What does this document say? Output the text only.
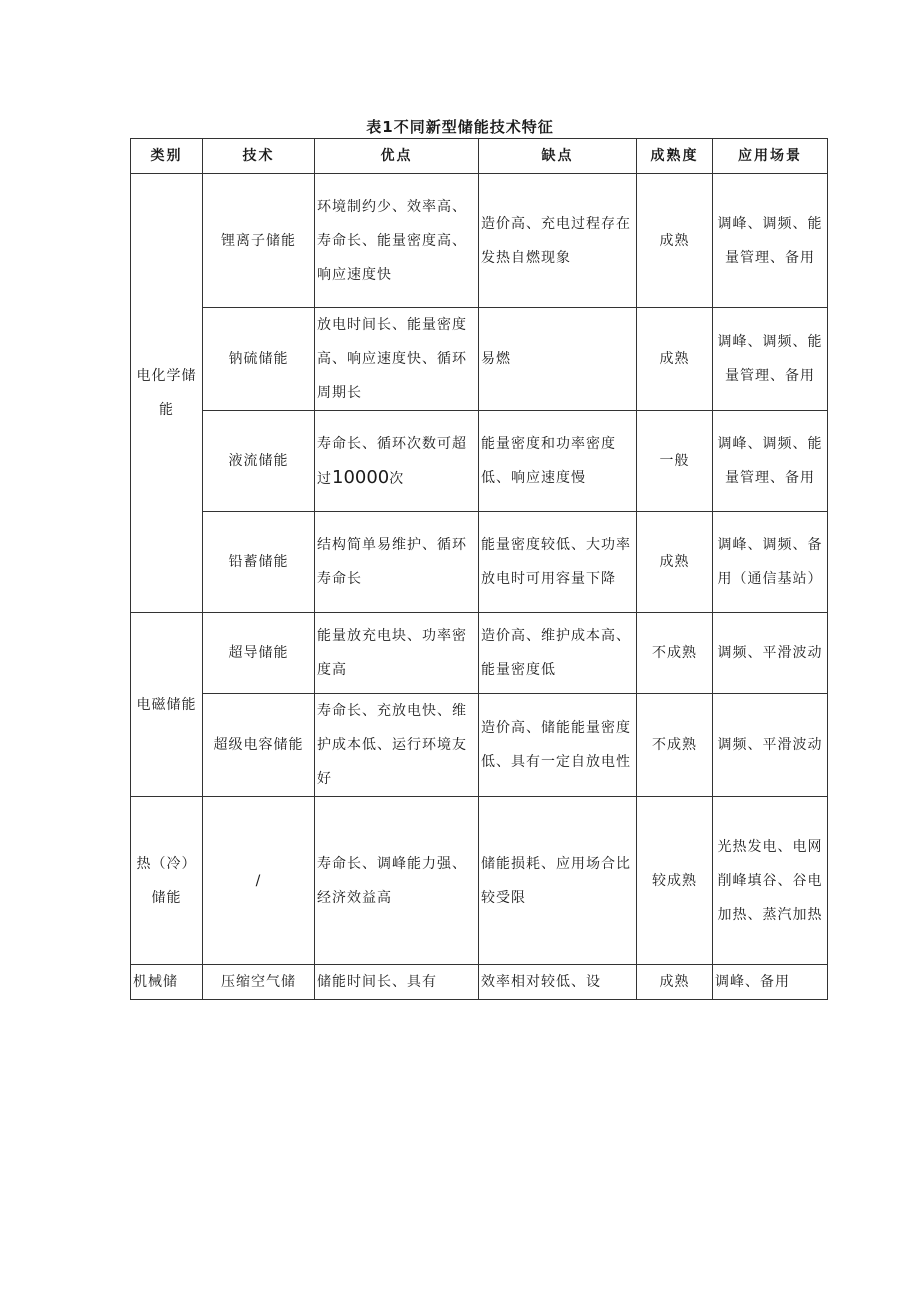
表1不同新型储能技术特征
类别	技术	优点	缺点	成熟度	应用场景
电化学储能	锂离子储能	环境制约少、效率高、寿命长、能量密度高、响应速度快	造价高、充电过程存在发热自燃现象	成熟	调峰、调频、能量管理、备用
	钠硫储能	放电时间长、能量密度高、响应速度快、循环周期长	易燃	成熟	调峰、调频、能量管理、备用
	液流储能	寿命长、循环次数可超过10000次	能量密度和功率密度低、响应速度慢	一般	调峰、调频、能量管理、备用
	铅蓄储能	结构简单易维护、循环寿命长	能量密度较低、大功率放电时可用容量下降	成熟	调峰、调频、备用（通信基站）
电磁储能	超导储能	能量放充电块、功率密度高	造价高、维护成本高、能量密度低	不成熟	调频、平滑波动
	超级电容储能	寿命长、充放电快、维护成本低、运行环境友好	造价高、储能能量密度低、具有一定自放电性	不成熟	调频、平滑波动
热（冷）储能	/	寿命长、调峰能力强、经济效益高	储能损耗、应用场合比较受限	较成熟	光热发电、电网削峰填谷、谷电加热、蒸汽加热
机械储	压缩空气储	储能时间长、具有	效率相对较低、设	成熟	调峰、备用
